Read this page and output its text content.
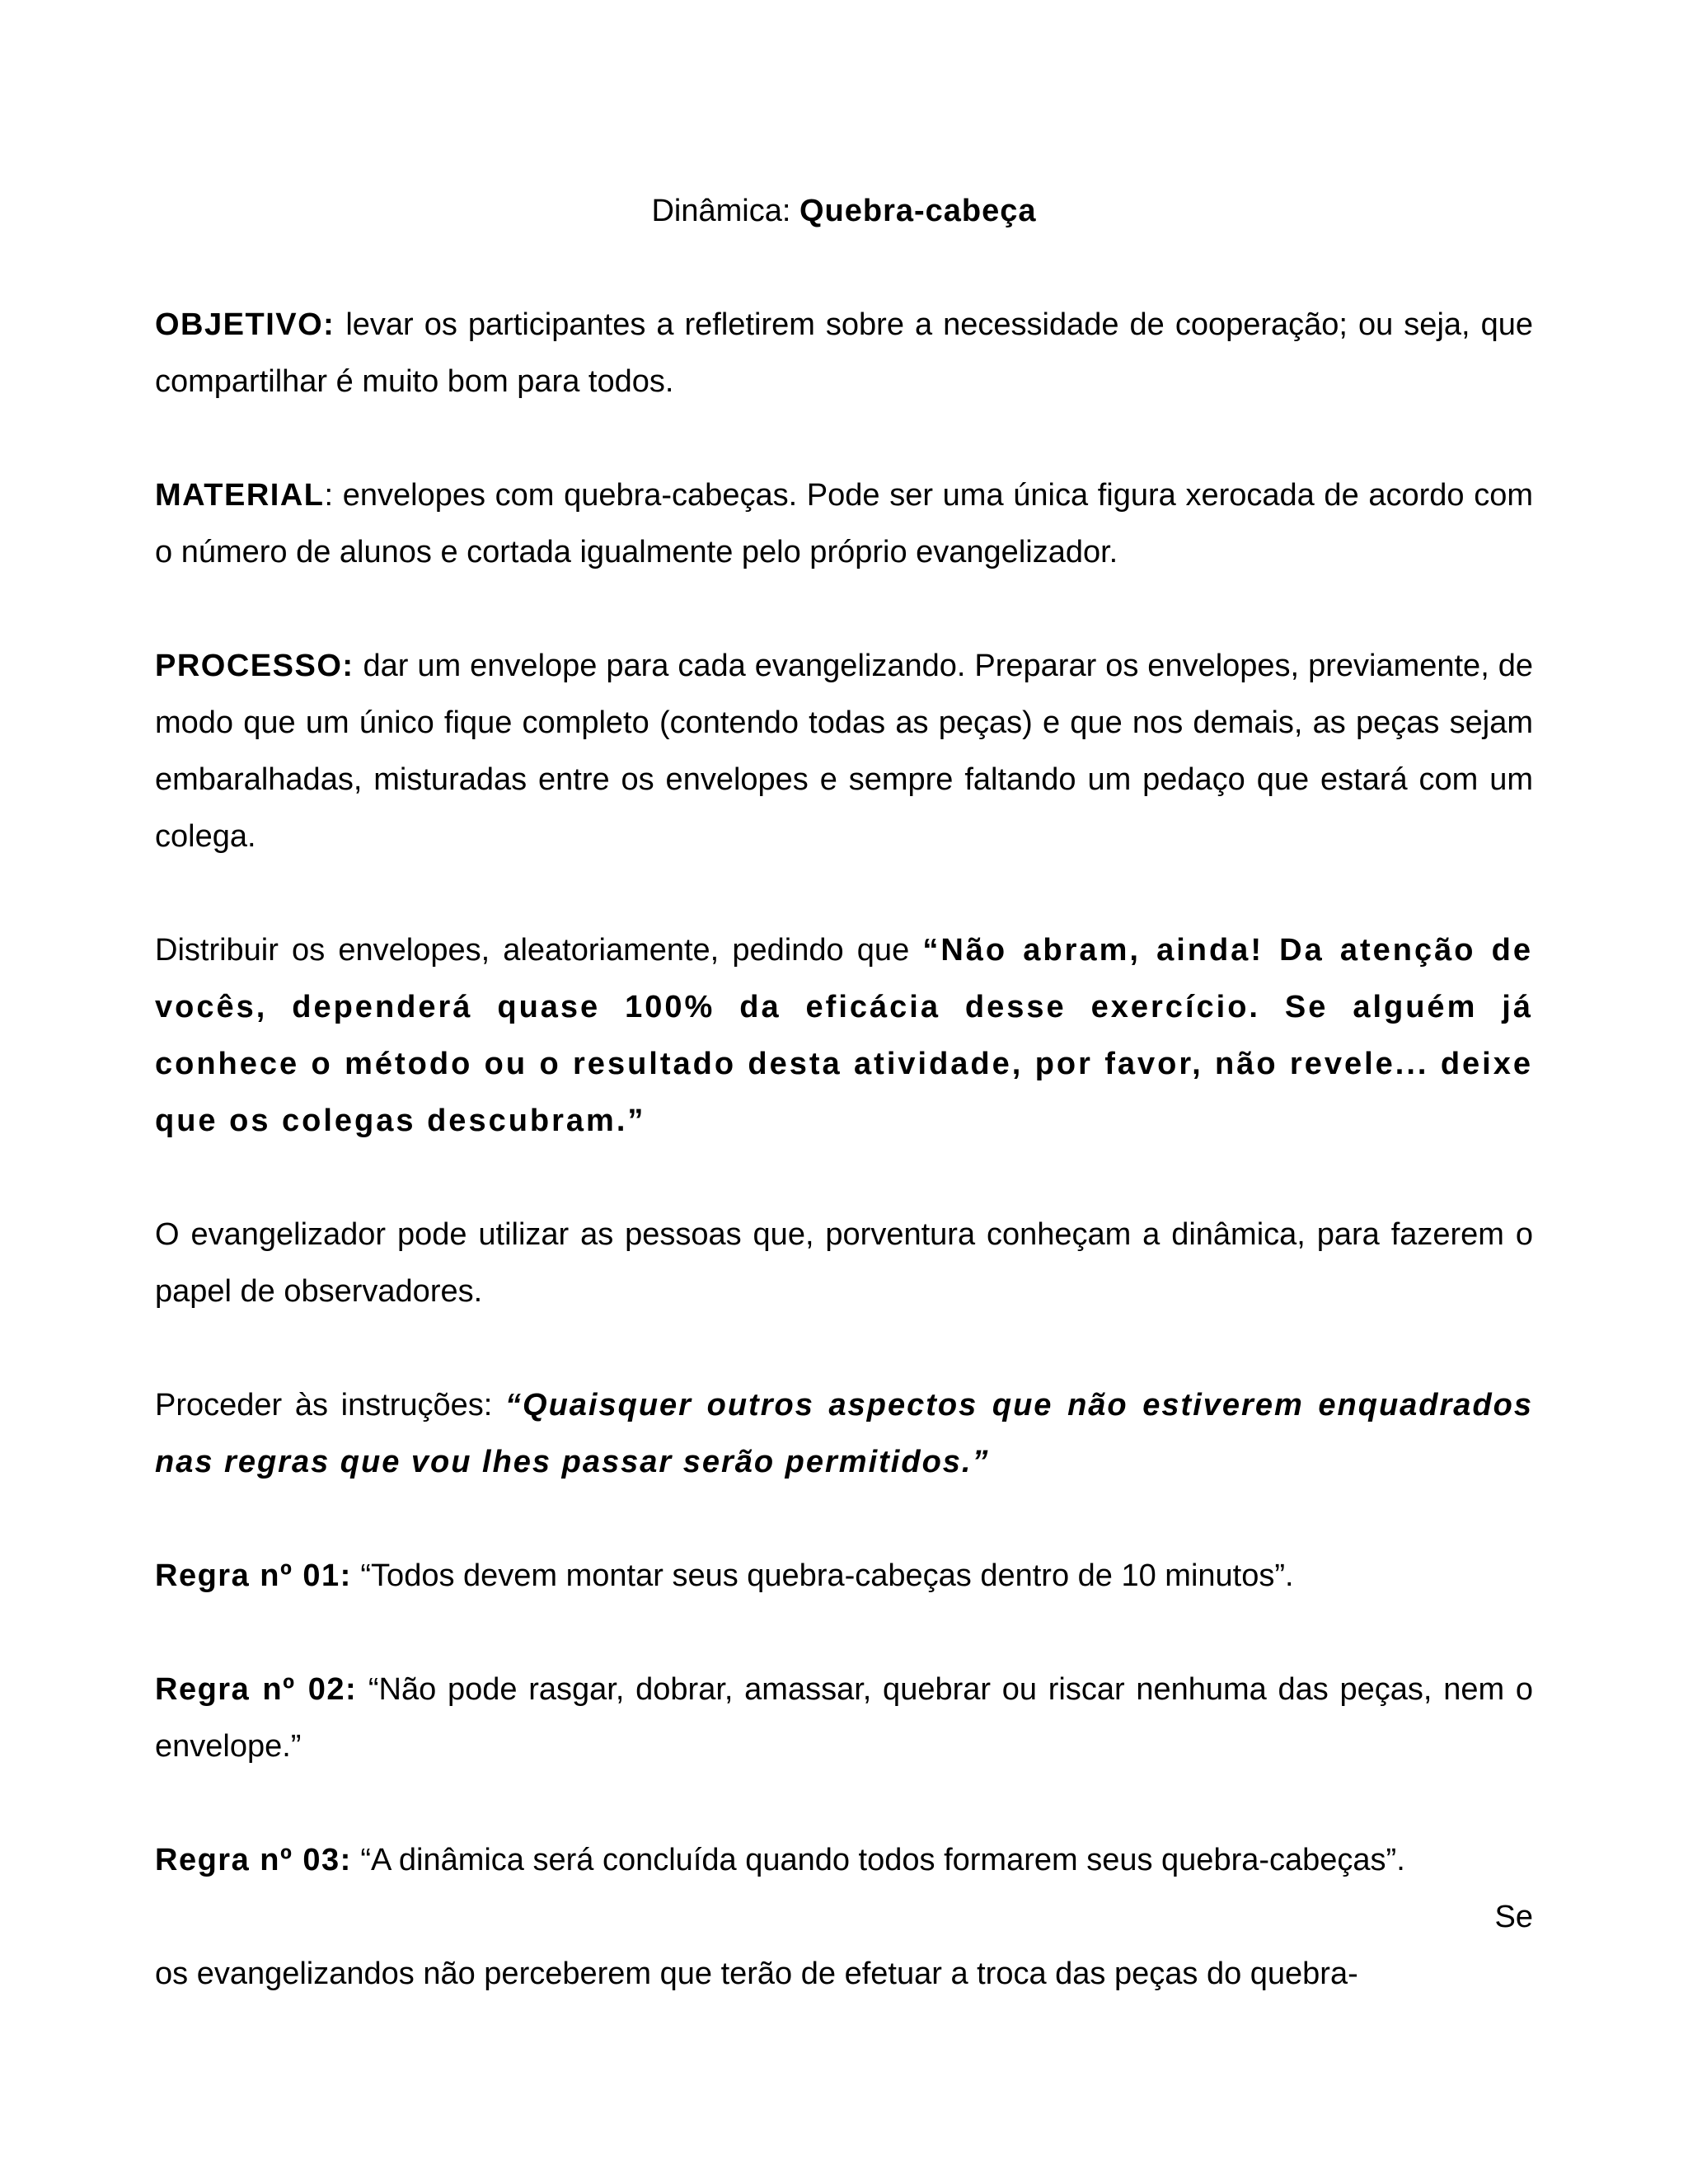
Dinâmica: Quebra-cabeça

OBJETIVO: levar os participantes a refletirem sobre a necessidade de cooperação; ou seja, que compartilhar é muito bom para todos.

MATERIAL: envelopes com quebra-cabeças. Pode ser uma única figura xerocada de acordo com o número de alunos e cortada igualmente pelo próprio evangelizador.

PROCESSO: dar um envelope para cada evangelizando. Preparar os envelopes, previamente, de modo que um único fique completo (contendo todas as peças) e que nos demais, as peças sejam embaralhadas, misturadas entre os envelopes e sempre faltando um pedaço que estará com um colega.

Distribuir os envelopes, aleatoriamente, pedindo que “Não abram, ainda! Da atenção de vocês, dependerá quase 100% da eficácia desse exercício. Se alguém já conhece o método ou o resultado desta atividade, por favor, não revele... deixe que os colegas descubram.”

O evangelizador pode utilizar as pessoas que, porventura conheçam a dinâmica, para fazerem o papel de observadores.

Proceder às instruções: “Quaisquer outros aspectos que não estiverem enquadrados nas regras que vou lhes passar serão permitidos.”

Regra nº 01: “Todos devem montar seus quebra-cabeças dentro de 10 minutos”.

Regra nº 02: “Não pode rasgar, dobrar, amassar, quebrar ou riscar nenhuma das peças, nem o envelope.”

Regra nº 03: “A dinâmica será concluída quando todos formarem seus quebra-cabeças”.

Se

os evangelizandos não perceberem que terão de efetuar a troca das peças do quebra-
